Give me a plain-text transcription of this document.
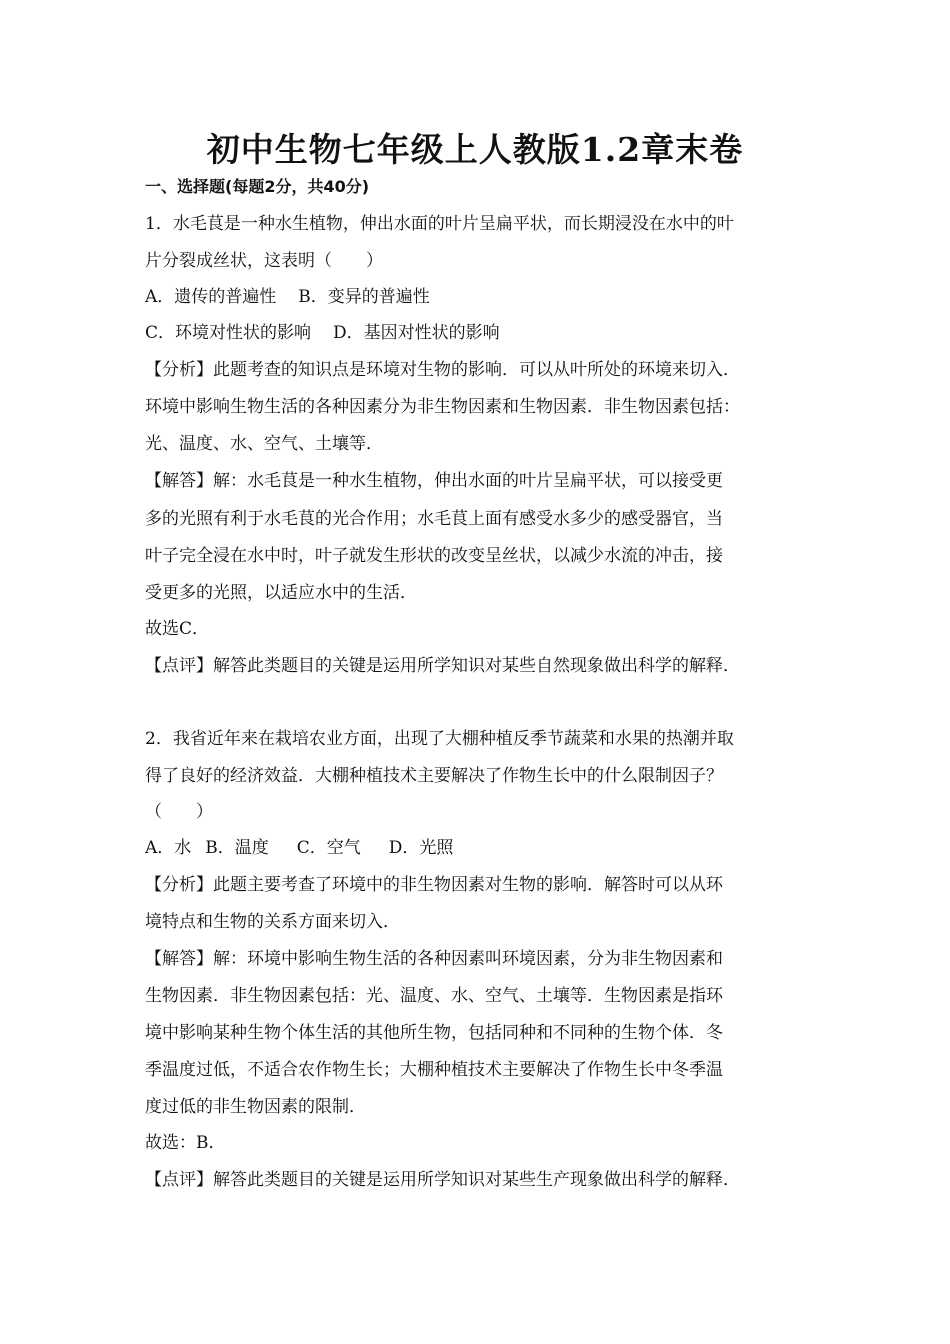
初中生物七年级上人教版1.2章末卷
一、选择题(每题2分，共40分)
1．水毛茛是一种水生植物，伸出水面的叶片呈扁平状，而长期浸没在水中的叶
片分裂成丝状，这表明（　　）
A．遗传的普遍性 B．变异的普遍性
C．环境对性状的影响 D．基因对性状的影响
【分析】此题考查的知识点是环境对生物的影响．可以从叶所处的环境来切入．
环境中影响生物生活的各种因素分为非生物因素和生物因素．非生物因素包括：
光、温度、水、空气、土壤等．
【解答】解：水毛茛是一种水生植物，伸出水面的叶片呈扁平状，可以接受更
多的光照有利于水毛茛的光合作用；水毛茛上面有感受水多少的感受器官，当
叶子完全浸在水中时，叶子就发生形状的改变呈丝状，以减少水流的冲击，接
受更多的光照，以适应水中的生活．
故选C．
【点评】解答此类题目的关键是运用所学知识对某些自然现象做出科学的解释．
2．我省近年来在栽培农业方面，出现了大棚种植反季节蔬菜和水果的热潮并取
得了良好的经济效益．大棚种植技术主要解决了作物生长中的什么限制因子？
（　　）
A．水 B．温度 C．空气 D．光照
【分析】此题主要考查了环境中的非生物因素对生物的影响．解答时可以从环
境特点和生物的关系方面来切入．
【解答】解：环境中影响生物生活的各种因素叫环境因素，分为非生物因素和
生物因素．非生物因素包括：光、温度、水、空气、土壤等．生物因素是指环
境中影响某种生物个体生活的其他所生物，包括同种和不同种的生物个体．冬
季温度过低，不适合农作物生长；大棚种植技术主要解决了作物生长中冬季温
度过低的非生物因素的限制．
故选：B．
【点评】解答此类题目的关键是运用所学知识对某些生产现象做出科学的解释．
